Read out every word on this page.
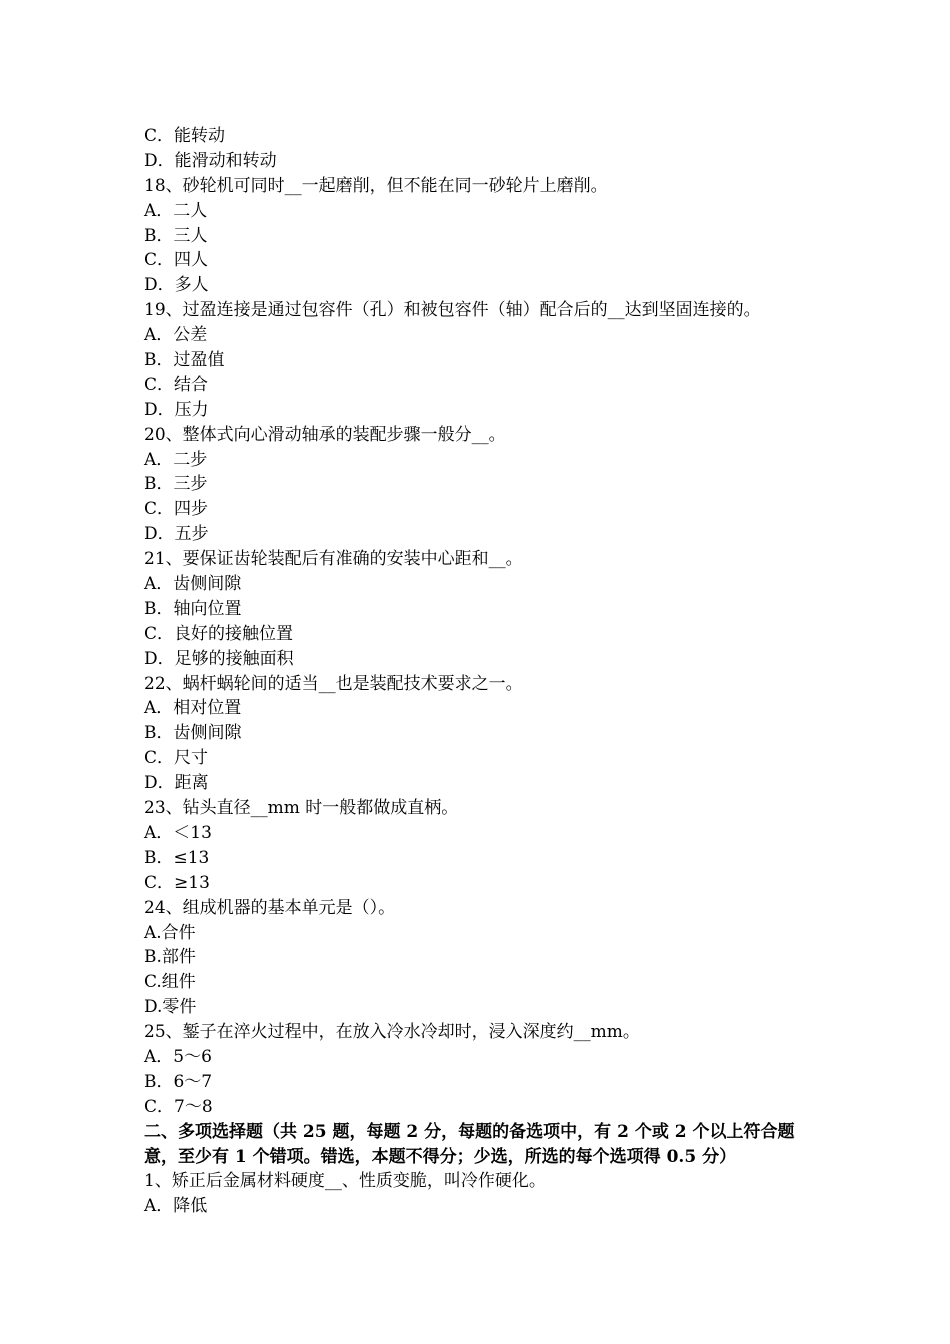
C．能转动
D．能滑动和转动
18、砂轮机可同时__一起磨削，但不能在同一砂轮片上磨削。
A．二人
B．三人
C．四人
D．多人
19、过盈连接是通过包容件（孔）和被包容件（轴）配合后的__达到坚固连接的。
A．公差
B．过盈值
C．结合
D．压力
20、整体式向心滑动轴承的装配步骤一般分__。
A．二步
B．三步
C．四步
D．五步
21、要保证齿轮装配后有准确的安装中心距和__。
A．齿侧间隙
B．轴向位置
C．良好的接触位置
D．足够的接触面积
22、蜗杆蜗轮间的适当__也是装配技术要求之一。
A．相对位置
B．齿侧间隙
C．尺寸
D．距离
23、钻头直径__mm 时一般都做成直柄。
A．＜13
B．≤13
C．≥13
24、组成机器的基本单元是（）。
A.合件
B.部件
C.组件
D.零件
25、錾子在淬火过程中，在放入冷水冷却时，浸入深度约__mm。
A．5～6
B．6～7
C．7～8
二、多项选择题（共 25 题，每题 2 分，每题的备选项中，有 2 个或 2 个以上符合题意，至少有 1 个错项。错选，本题不得分；少选，所选的每个选项得 0.5 分）
1、矫正后金属材料硬度__、性质变脆，叫冷作硬化。
A．降低
